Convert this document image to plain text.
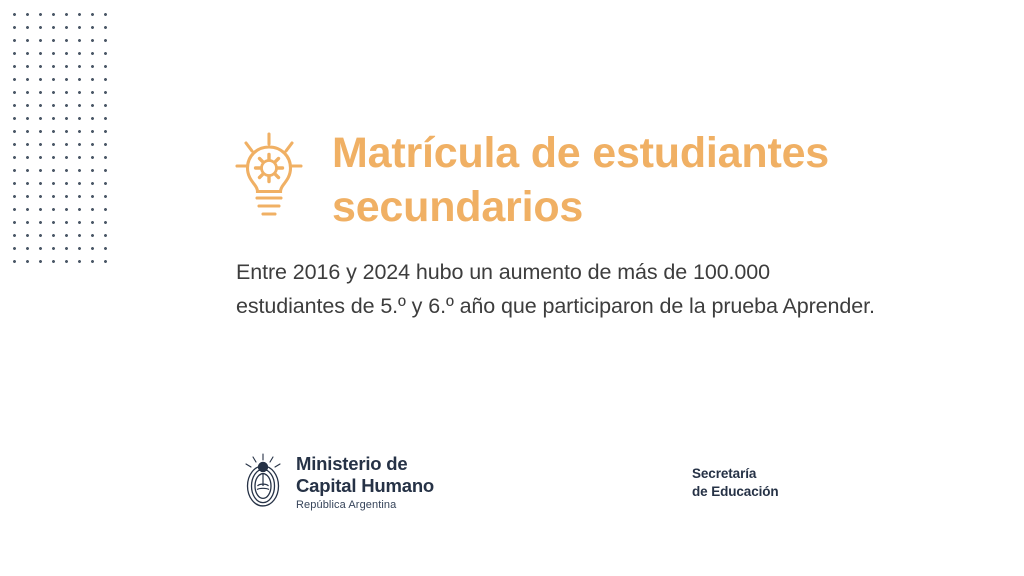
Matrícula de estudiantes secundarios

Entre 2016 y 2024 hubo un aumento de más de 100.000 estudiantes de 5.º y 6.º año que participaron de la prueba Aprender.

Ministerio de
Capital Humano
República Argentina
Secretaría
de Educación
